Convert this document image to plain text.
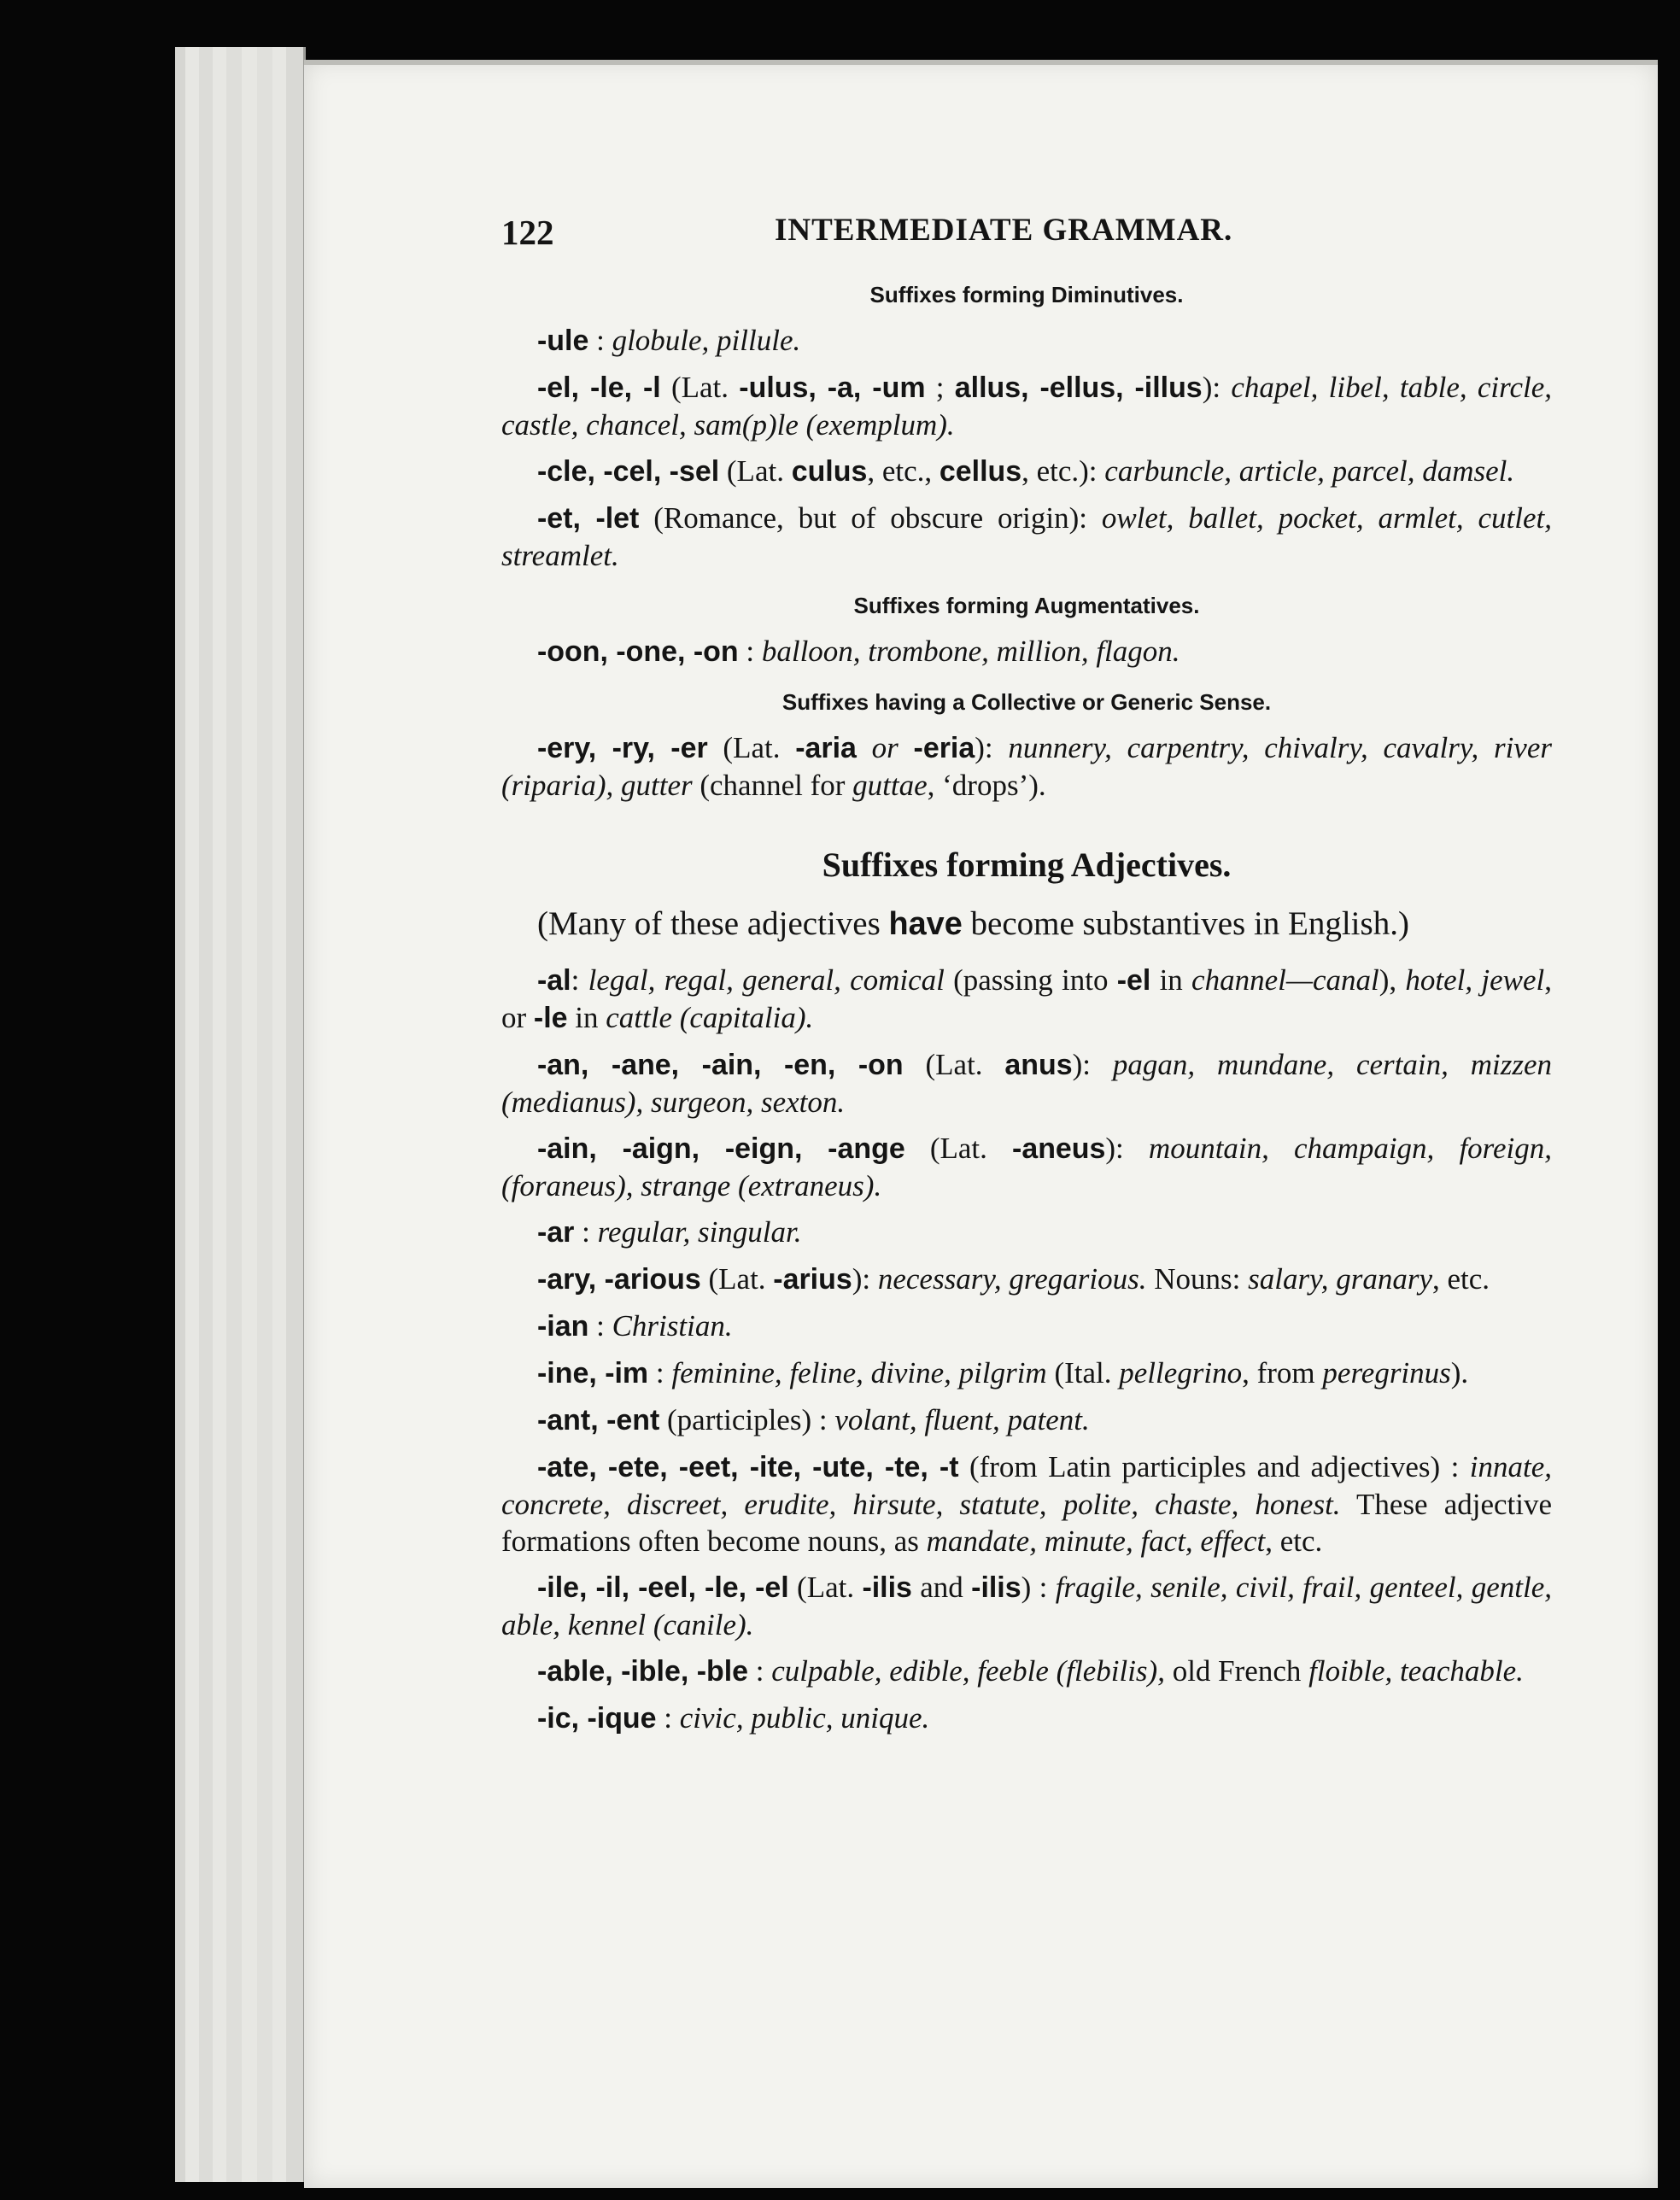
122	INTERMEDIATE GRAMMAR.
Suffixes forming Diminutives.

-ule : globule, pillule.

-el, -le, -l (Lat. -ulus, -a, -um ; allus, -ellus, -illus): chapel, libel, table, circle, castle, chancel, sam(p)le (exemplum).

-cle, -cel, -sel (Lat. culus, etc., cellus, etc.): carbuncle, article, parcel, damsel.

-et, -let (Romance, but of obscure origin): owlet, ballet, pocket, armlet, cutlet, streamlet.

Suffixes forming Augmentatives.

-oon, -one, -on : balloon, trombone, million, flagon.

Suffixes having a Collective or Generic Sense.

-ery, -ry, -er (Lat. -aria or -eria): nunnery, carpentry, chivalry, cavalry, river (riparia), gutter (channel for guttae, ‘drops’).

Suffixes forming Adjectives.

(Many of these adjectives have become substantives in English.)

-al: legal, regal, general, comical (passing into -el in channel—canal), hotel, jewel, or -le in cattle (capitalia).

-an, -ane, -ain, -en, -on (Lat. anus): pagan, mundane, certain, mizzen (medianus), surgeon, sexton.

-ain, -aign, -eign, -ange (Lat. -aneus): mountain, champaign, foreign, (foraneus), strange (extraneus).

-ar : regular, singular.

-ary, -arious (Lat. -arius): necessary, gregarious. Nouns: salary, granary, etc.

-ian : Christian.

-ine, -im : feminine, feline, divine, pilgrim (Ital. pellegrino, from peregrinus).

-ant, -ent (participles) : volant, fluent, patent.

-ate, -ete, -eet, -ite, -ute, -te, -t (from Latin participles and adjectives) : innate, concrete, discreet, erudite, hirsute, statute, polite, chaste, honest. These adjective formations often become nouns, as mandate, minute, fact, effect, etc.

-ile, -il, -eel, -le, -el (Lat. -ilis and -ilis) : fragile, senile, civil, frail, genteel, gentle, able, kennel (canile).

-able, -ible, -ble : culpable, edible, feeble (flebilis), old French floible, teachable.

-ic, -ique : civic, public, unique.
